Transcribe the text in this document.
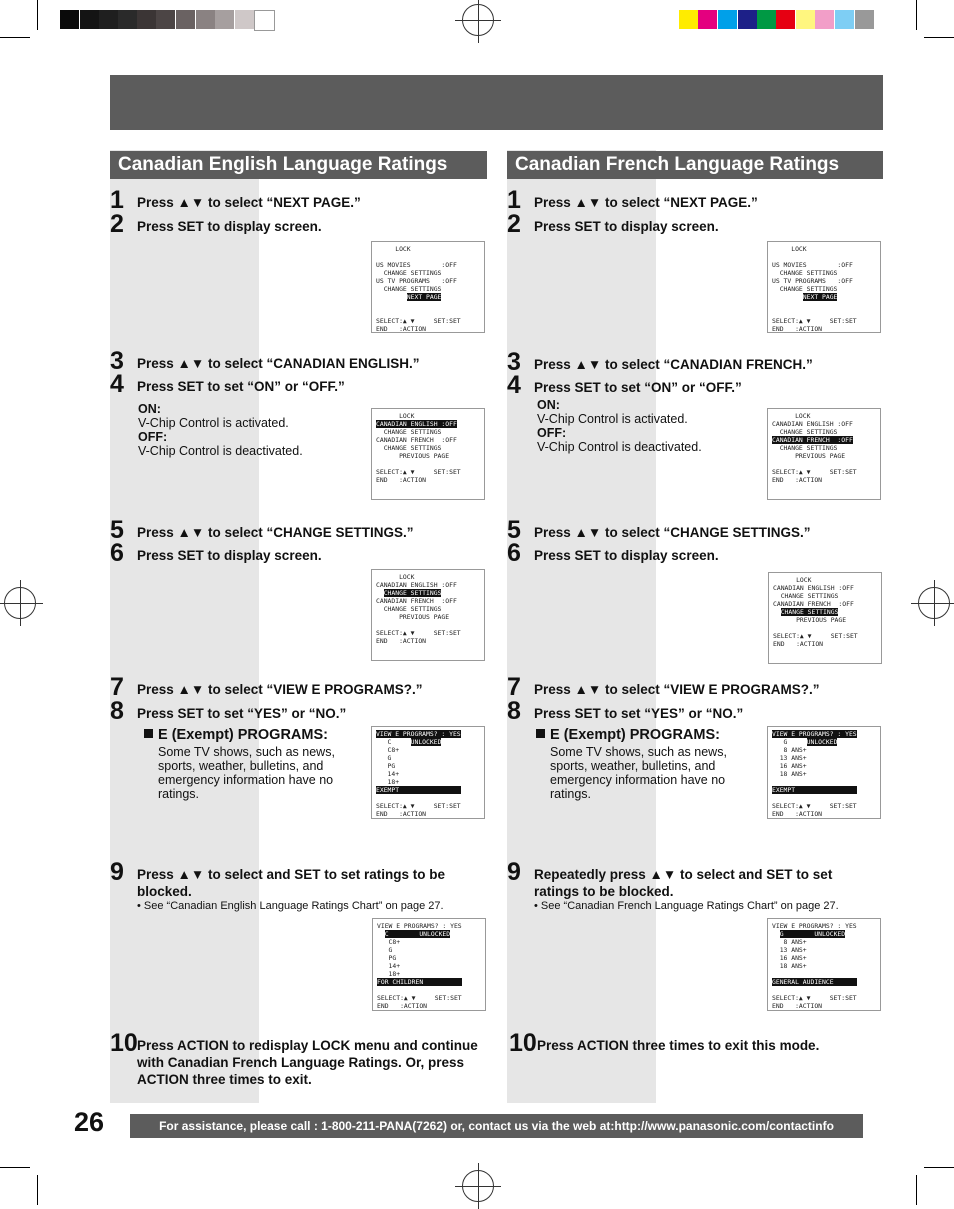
Canadian English Language Ratings
1 Press ▲▼ to select “NEXT PAGE.”
2 Press SET to display screen.
LOCK
US MOVIES        :OFF
CHANGE SETTINGS
US TV PROGRAMS   :OFF
CHANGE SETTINGS
NEXT PAGE
SELECT:▲ ▼     SET:SET
END   :ACTION
3 Press ▲▼ to select “CANADIAN ENGLISH.”
4 Press SET to set “ON” or “OFF.”
ON:
V-Chip Control is activated.
OFF:
V-Chip Control is deactivated.
LOCK
CANADIAN ENGLISH :OFF
CHANGE SETTINGS
CANADIAN FRENCH  :OFF
CHANGE SETTINGS
PREVIOUS PAGE
SELECT:▲ ▼     SET:SET
END   :ACTION
5 Press ▲▼ to select “CHANGE SETTINGS.”
6 Press SET to display screen.
LOCK
CANADIAN ENGLISH :OFF
CHANGE SETTINGS
CANADIAN FRENCH  :OFF
CHANGE SETTINGS
PREVIOUS PAGE
SELECT:▲ ▼     SET:SET
END   :ACTION
7 Press ▲▼ to select “VIEW E PROGRAMS?.”
8 Press SET to set “YES” or “NO.”
E (Exempt) PROGRAMS:
Some TV shows, such as news, sports, weather, bulletins, and emergency information have no ratings.
VIEW E PROGRAMS? : YES
C     UNLOCKED
C8+
G
PG
14+
18+
EXEMPT
SELECT:▲ ▼     SET:SET
END   :ACTION
9 Press ▲▼ to select and SET to set ratings to be blocked.
• See “Canadian English Language Ratings Chart” on page 27.
VIEW E PROGRAMS? : YES
C        UNLOCKED
C8+
G
PG
14+
18+
FOR CHILDREN
SELECT:▲ ▼     SET:SET
END   :ACTION
10 Press ACTION to redisplay LOCK menu and continue with Canadian French Language Ratings. Or, press ACTION three times to exit.
Canadian French Language Ratings
1 Press ▲▼ to select “NEXT PAGE.”
2 Press SET to display screen.
LOCK
US MOVIES        :OFF
CHANGE SETTINGS
US TV PROGRAMS   :OFF
CHANGE SETTINGS
NEXT PAGE
SELECT:▲ ▼     SET:SET
END   :ACTION
3 Press ▲▼ to select “CANADIAN FRENCH.”
4 Press SET to set “ON” or “OFF.”
ON:
V-Chip Control is activated.
OFF:
V-Chip Control is deactivated.
LOCK
CANADIAN ENGLISH :OFF
CHANGE SETTINGS
CANADIAN FRENCH  :OFF
CHANGE SETTINGS
PREVIOUS PAGE
SELECT:▲ ▼     SET:SET
END   :ACTION
5 Press ▲▼ to select “CHANGE SETTINGS.”
6 Press SET to display screen.
LOCK
CANADIAN ENGLISH :OFF
CHANGE SETTINGS
CANADIAN FRENCH  :OFF
CHANGE SETTINGS
PREVIOUS PAGE
SELECT:▲ ▼     SET:SET
END   :ACTION
7 Press ▲▼ to select “VIEW E PROGRAMS?.”
8 Press SET to set “YES” or “NO.”
E (Exempt) PROGRAMS:
Some TV shows, such as news, sports, weather, bulletins, and emergency information have no ratings.
VIEW E PROGRAMS? : YES
G     UNLOCKED
8 ANS+
13 ANS+
16 ANS+
18 ANS+
EXEMPT
SELECT:▲ ▼     SET:SET
END   :ACTION
9 Repeatedly press ▲▼ to select and SET to set ratings to be blocked.
• See “Canadian French Language Ratings Chart” on page 27.
VIEW E PROGRAMS? : YES
G        UNLOCKED
8 ANS+
13 ANS+
16 ANS+
18 ANS+
GENERAL AUDIENCE
SELECT:▲ ▼     SET:SET
END   :ACTION
10 Press ACTION three times to exit this mode.
26	For assistance, please call : 1-800-211-PANA(7262) or, contact us via the web at:http://www.panasonic.com/contactinfo
